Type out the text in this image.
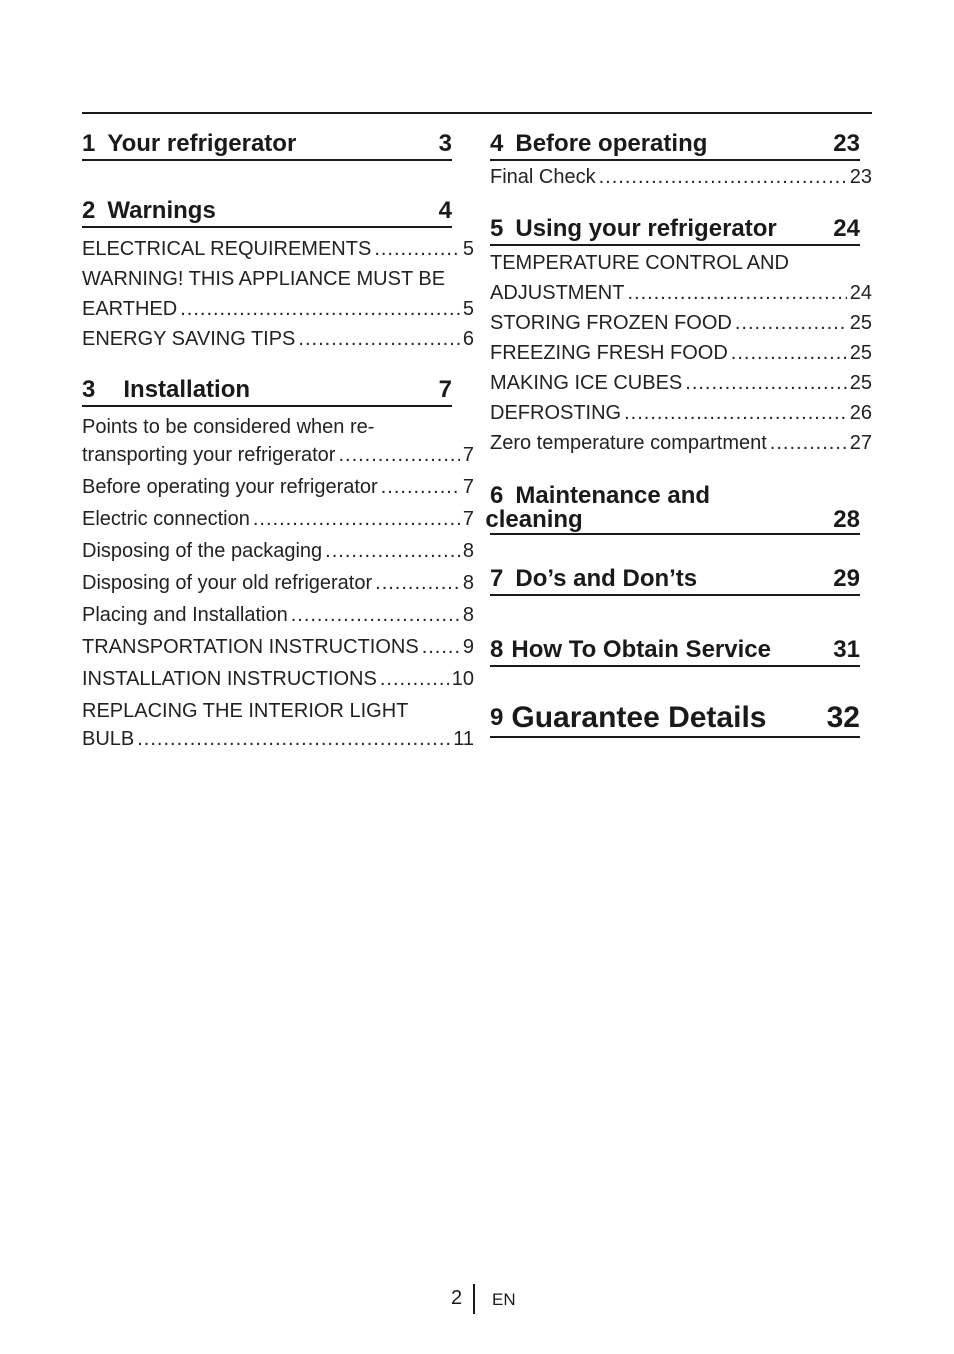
1 Your refrigerator	3
2 Warnings	4
ELECTRICAL REQUIREMENTS .....	5
WARNING! THIS APPLIANCE MUST BE
EARTHED .....	5
ENERGY SAVING TIPS .....	6
3 Installation	7
Points to be considered when re-
transporting your refrigerator .....	7
Before operating your refrigerator .....	7
Electric connection .....	7
Disposing of the packaging .....	8
Disposing of your old refrigerator .....	8
Placing and Installation .....	8
TRANSPORTATION INSTRUCTIONS ..... 9
INSTALLATION INSTRUCTIONS .....	10
REPLACING THE INTERIOR LIGHT
BULB .....	11
4 Before operating	23
Final Check .....	23
5 Using your refrigerator	24
TEMPERATURE CONTROL AND
ADJUSTMENT .....	24
STORING FROZEN FOOD .....	25
FREEZING FRESH FOOD .....	25
MAKING ICE CUBES .....	25
DEFROSTING .....	26
Zero temperature compartment .....	27
6 Maintenance and
cleaning	28
7 Do’s and Don’ts	29
8 How To Obtain Service	31
9 Guarantee Details	32
2 EN
